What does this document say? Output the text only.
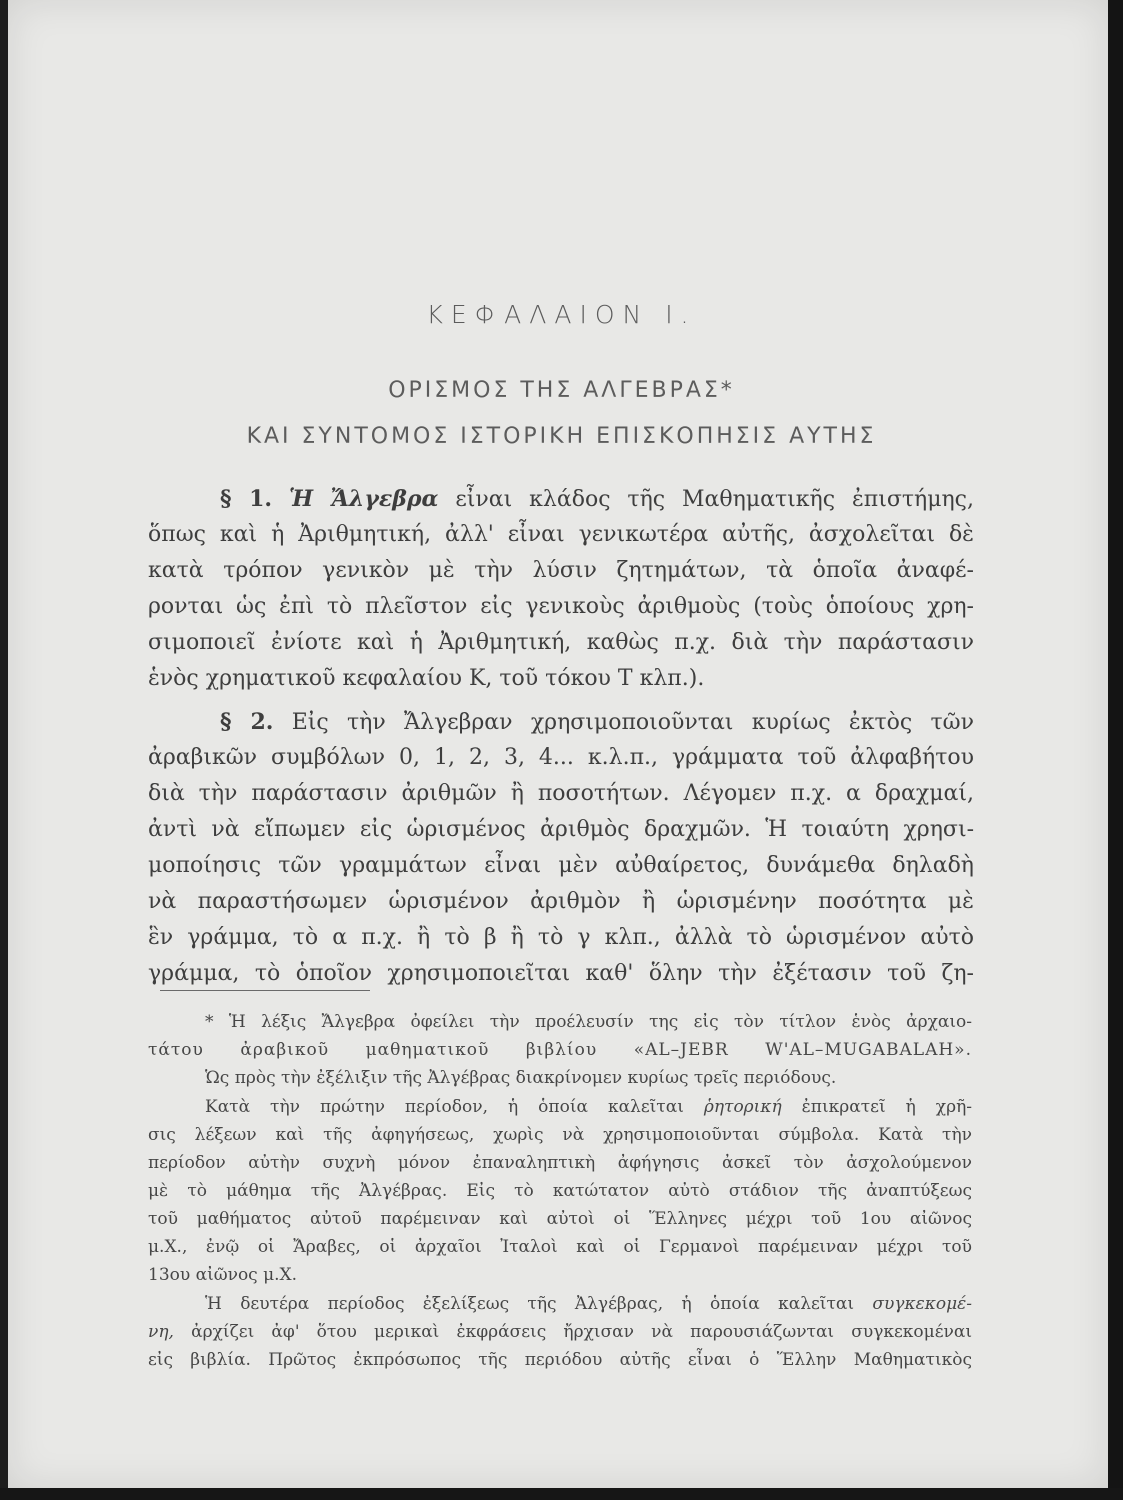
ΚΕΦΑΛΑΙΟΝ Ι.
ΟΡΙΣΜΟΣ ΤΗΣ ΑΛΓΕΒΡΑΣ*
ΚΑΙ ΣΥΝΤΟΜΟΣ ΙΣΤΟΡΙΚΗ ΕΠΙΣΚΟΠΗΣΙΣ ΑΥΤΗΣ
§ 1. Ἡ Ἄλγεβρα εἶναι κλάδος τῆς Μαθηματικῆς ἐπιστήμης,
ὅπως καὶ ἡ Ἀριθμητική, ἀλλ' εἶναι γενικωτέρα αὐτῆς, ἀσχολεῖται δὲ
κατὰ τρόπον γενικὸν μὲ τὴν λύσιν ζητημάτων, τὰ ὁποῖα ἀναφέ-
ρονται ὡς ἐπὶ τὸ πλεῖστον εἰς γενικοὺς ἀριθμοὺς (τοὺς ὁποίους χρη-
σιμοποιεῖ ἐνίοτε καὶ ἡ Ἀριθμητική, καθὼς π.χ. διὰ τὴν παράστασιν
ἑνὸς χρηματικοῦ κεφαλαίου Κ, τοῦ τόκου Τ κλπ.).
§ 2. Εἰς τὴν Ἄλγεβραν χρησιμοποιοῦνται κυρίως ἐκτὸς τῶν
ἀραβικῶν συμβόλων 0, 1, 2, 3, 4... κ.λ.π., γράμματα τοῦ ἀλφαβήτου
διὰ τὴν παράστασιν ἀριθμῶν ἢ ποσοτήτων. Λέγομεν π.χ. α δραχμαί,
ἀντὶ νὰ εἴπωμεν εἰς ὡρισμένος ἀριθμὸς δραχμῶν. Ἡ τοιαύτη χρησι-
μοποίησις τῶν γραμμάτων εἶναι μὲν αὐθαίρετος, δυνάμεθα δηλαδὴ
νὰ παραστήσωμεν ὡρισμένον ἀριθμὸν ἢ ὡρισμένην ποσότητα μὲ
ἓν γράμμα, τὸ α π.χ. ἢ τὸ β ἢ τὸ γ κλπ., ἀλλὰ τὸ ὡρισμένον αὐτὸ
γράμμα, τὸ ὁποῖον χρησιμοποιεῖται καθ' ὅλην τὴν ἐξέτασιν τοῦ ζη-
* Ἡ λέξις Ἄλγεβρα ὀφείλει τὴν προέλευσίν της εἰς τὸν τίτλον ἑνὸς ἀρχαιο-
τάτου ἀραβικοῦ μαθηματικοῦ βιβλίου «AL–JEBR W'AL–MUGABALAH».
Ὡς πρὸς τὴν ἐξέλιξιν τῆς Ἀλγέβρας διακρίνομεν κυρίως τρεῖς περιόδους.
Κατὰ τὴν πρώτην περίοδον, ἡ ὁποία καλεῖται ῥητορική ἐπικρατεῖ ἡ χρῆ-
σις λέξεων καὶ τῆς ἀφηγήσεως, χωρὶς νὰ χρησιμοποιοῦνται σύμβολα. Κατὰ τὴν
περίοδον αὐτὴν συχνὴ μόνον ἐπαναληπτικὴ ἀφήγησις ἀσκεῖ τὸν ἀσχολούμενον
μὲ τὸ μάθημα τῆς Ἀλγέβρας. Εἰς τὸ κατώτατον αὐτὸ στάδιον τῆς ἀναπτύξεως
τοῦ μαθήματος αὐτοῦ παρέμειναν καὶ αὐτοὶ οἱ Ἕλληνες μέχρι τοῦ 1ου αἰῶνος
μ.Χ., ἐνῷ οἱ Ἄραβες, οἱ ἀρχαῖοι Ἰταλοὶ καὶ οἱ Γερμανοὶ παρέμειναν μέχρι τοῦ
13ου αἰῶνος μ.Χ.
Ἡ δευτέρα περίοδος ἐξελίξεως τῆς Ἀλγέβρας, ἡ ὁποία καλεῖται συγκεκομέ-
νη, ἀρχίζει ἀφ' ὅτου μερικαὶ ἐκφράσεις ἤρχισαν νὰ παρουσιάζωνται συγκεκομέναι
εἰς βιβλία. Πρῶτος ἐκπρόσωπος τῆς περιόδου αὐτῆς εἶναι ὁ Ἕλλην Μαθηματικὸς
